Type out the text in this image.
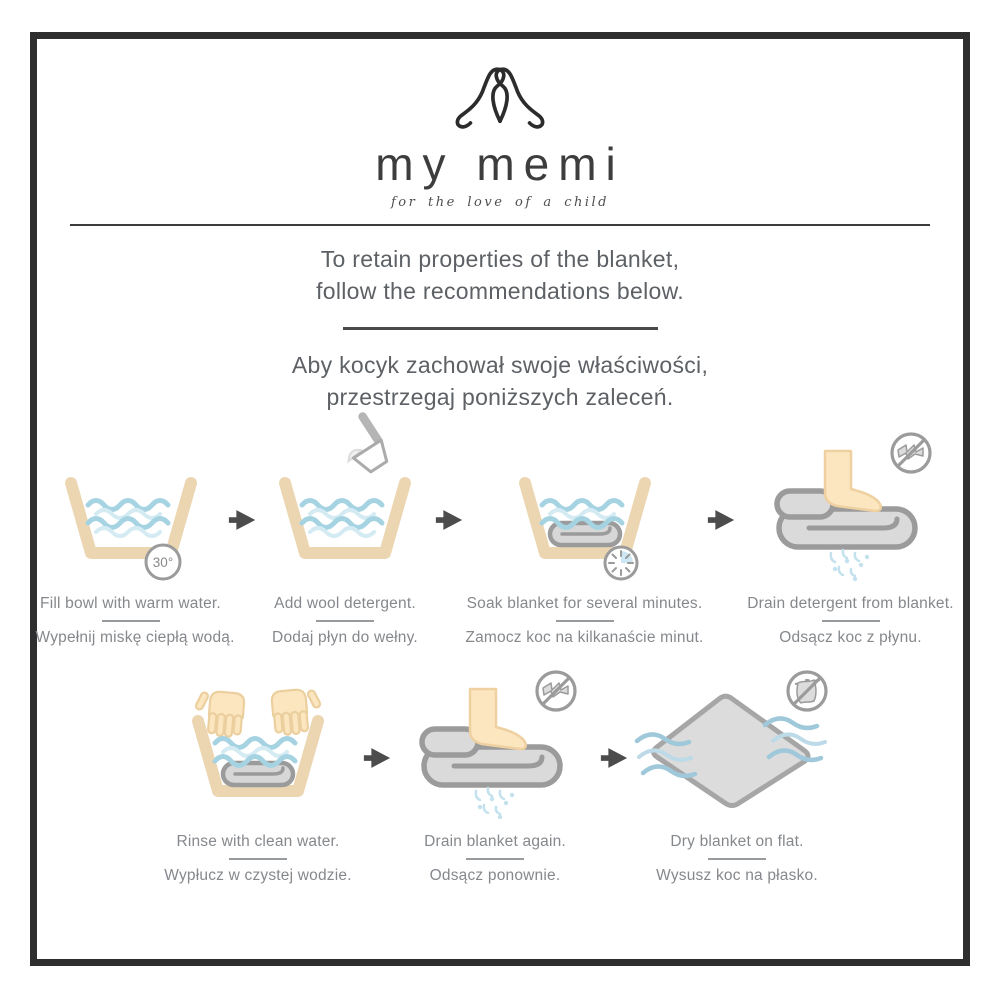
my memi
for the love of a child
To retain properties of the blanket,
follow the recommendations below.
Aby kocyk zachował swoje właściwości,
przestrzegaj poniższych zaleceń.
30°
Fill bowl with warm water.
Wypełnij miskę ciepłą wodą.
Add wool detergent.
Dodaj płyn do wełny.
Soak blanket for several minutes.
Zamocz koc na kilkanaście minut.
Drain detergent from blanket.
Odsącz koc z płynu.
Rinse with clean water.
Wypłucz w czystej wodzie.
Drain blanket again.
Odsącz ponownie.
Dry blanket on flat.
Wysusz koc na płasko.
